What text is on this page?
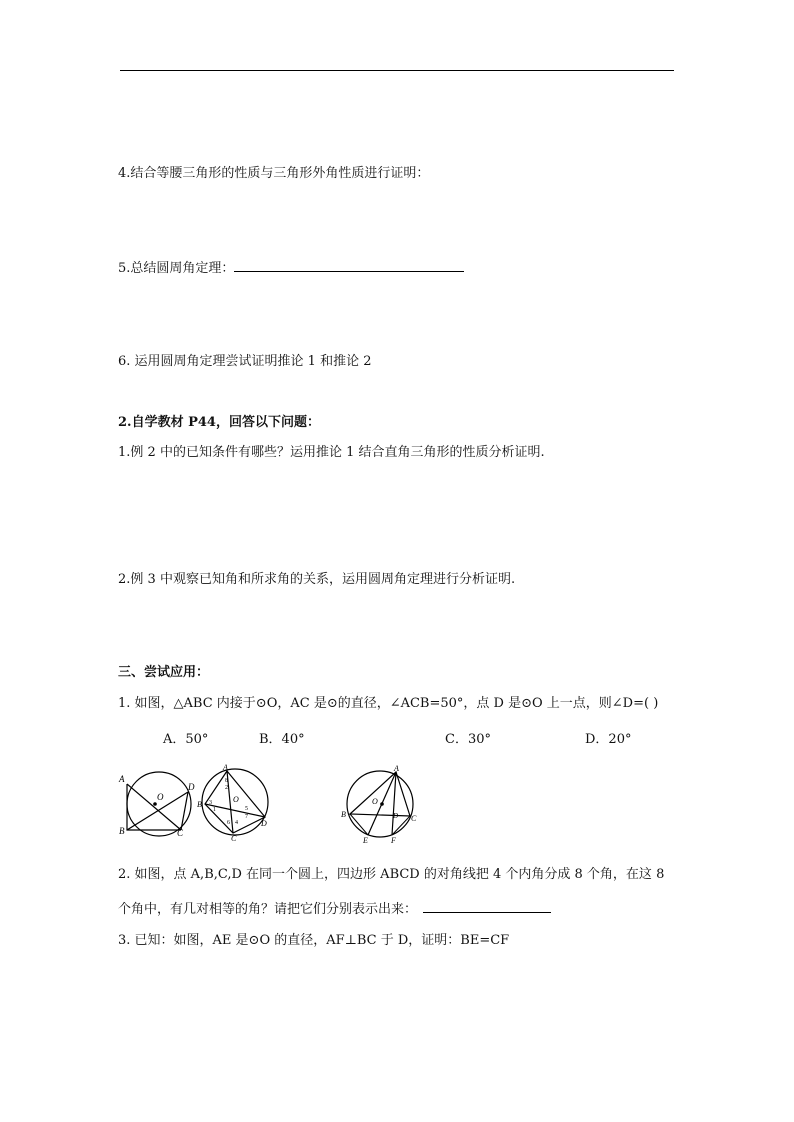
4.结合等腰三角形的性质与三角形外角性质进行证明：
5.总结圆周角定理：
6. 运用圆周角定理尝试证明推论 1 和推论 2
2.自学教材 P44，回答以下问题：
1.例 2 中的已知条件有哪些？运用推论 1 结合直角三角形的性质分析证明.
2.例 3 中观察已知角和所求角的关系，运用圆周角定理进行分析证明.
三、尝试应用：
1. 如图，△ABC 内接于⊙O，AC 是⊙的直径，∠ACB=50°，点 D 是⊙O 上一点，则∠D=( )
A．50°	B．40°	C．30°	D．20°
A
D
O
B	C
A
8
2
B 3
1
O
5
6 4
7
D
C
A
O
B	D C
E	F
2. 如图，点 A,B,C,D 在同一个圆上，四边形 ABCD 的对角线把 4 个内角分成 8 个角，在这 8
个角中，有几对相等的角？请把它们分别表示出来：
3. 已知：如图，AE 是⊙O 的直径，AF⊥BC 于 D，证明：BE=CF
